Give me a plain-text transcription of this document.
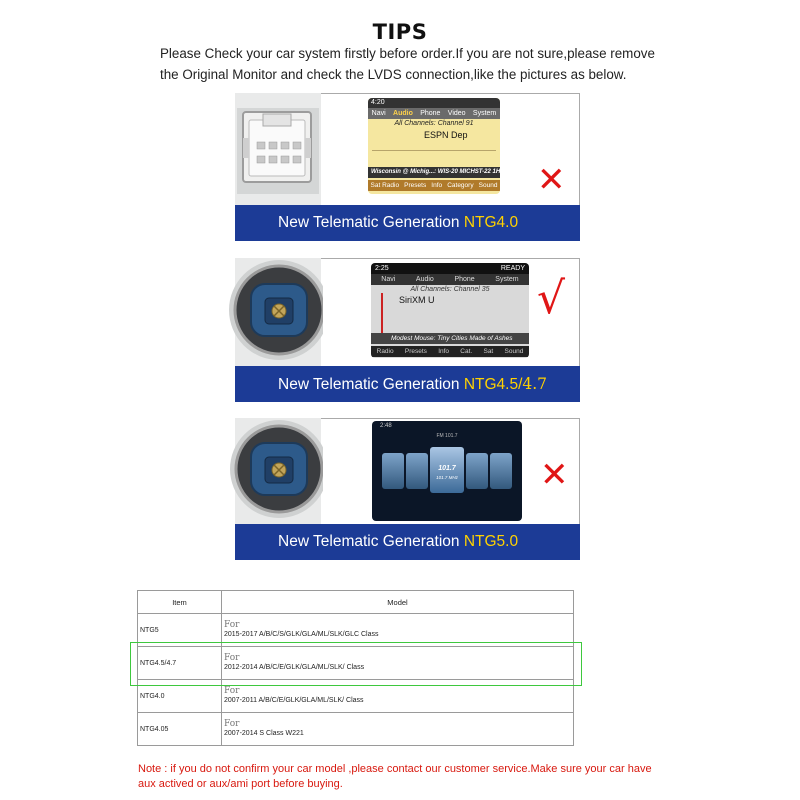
TIPS
Please Check your car system firstly before order.If you are not sure,please remove
the Original Monitor and check the LVDS connection,like the pictures as below.
4:20
Navi Audio Phone Video System
All Channels: Channel 91
ESPN Dep
Wisconsin @ Michig...: WIS-20 MICHST-22 1H
Sat Radio Presets Info Category Sound ✕
New Telematic Generation NTG4.0
2:25	READY
Navi	Audio	Phone	System
All Channels: Channel 35
SiriXM U
Modest Mouse: Tiny Cities Made of Ashes
Radio Presets Info Cat. Sat Sound
√
New Telematic Generation NTG4.5/4.7
2:48
FM 101.7
101.7
101.7 MHz	✕
New Telematic Generation NTG5.0
Item	Model
NTG5	For
2015-2017 A/B/C/S/GLK/GLA/ML/SLK/GLC Class

NTG4.5/4.7	For
2012-2014 A/B/C/E/GLK/GLA/ML/SLK/ Class

NTG4.0	For
2007-2011 A/B/C/E/GLK/GLA/ML/SLK/ Class

NTG4.05	For
2007-2014 S Class W221
Note : if you do not confirm your car model ,please contact our customer service.Make sure your car have
aux actived or aux/ami port before buying.
